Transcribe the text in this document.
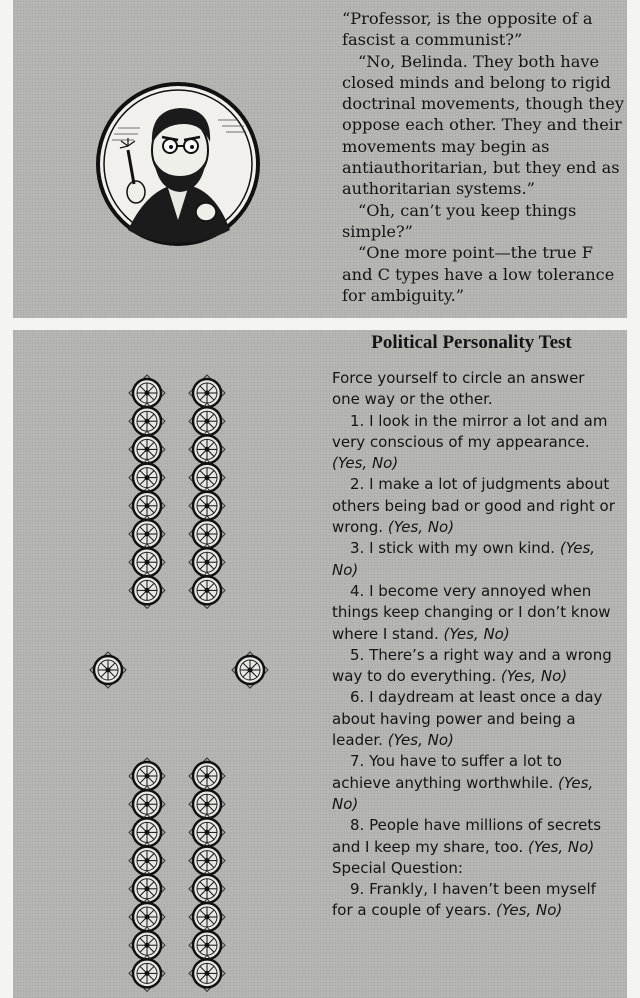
“Professor, is the opposite of a fascist a communist?”

“No, Belinda. They both have closed minds and belong to rigid doctrinal movements, though they oppose each other. They and their movements may begin as antiauthoritarian, but they end as authoritarian systems.”

“Oh, can’t you keep things simple?”

“One more point—the true F and C types have a low tolerance for ambiguity.”

Political Personality Test

Force yourself to circle an answer one way or the other.

1. I look in the mirror a lot and am very conscious of my appearance. (Yes, No)

2. I make a lot of judgments about others being bad or good and right or wrong. (Yes, No)

3. I stick with my own kind. (Yes, No)

4. I become very annoyed when things keep changing or I don’t know where I stand. (Yes, No)

5. There’s a right way and a wrong way to do everything. (Yes, No)

6. I daydream at least once a day about having power and being a leader. (Yes, No)

7. You have to suffer a lot to achieve anything worthwhile. (Yes, No)

8. People have millions of secrets and I keep my share, too. (Yes, No)

Special Question:

9. Frankly, I haven’t been myself for a couple of years. (Yes, No)
